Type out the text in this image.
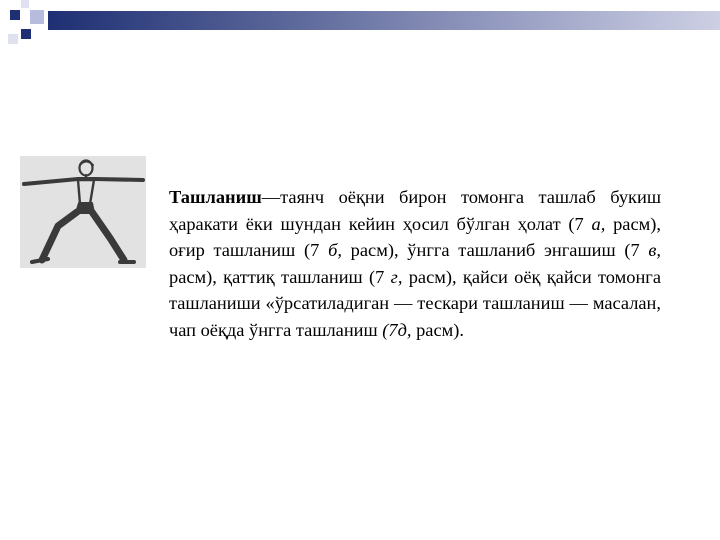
Ташланиш—таянч оёқни бирон томонга ташлаб букиш ҳаракати ёки шундан кейин ҳосил бўлган ҳолат (7 а, расм), оғир ташланиш (7 б, расм), ўнгга ташланиб энгашиш (7 в, расм), қаттиқ ташланиш (7 г, расм), қайси оёқ қайси томонга ташланиши «ўрсатиладиган — тескари ташланиш — масалан, чап оёқда ўнгга ташланиш (7д, расм).
